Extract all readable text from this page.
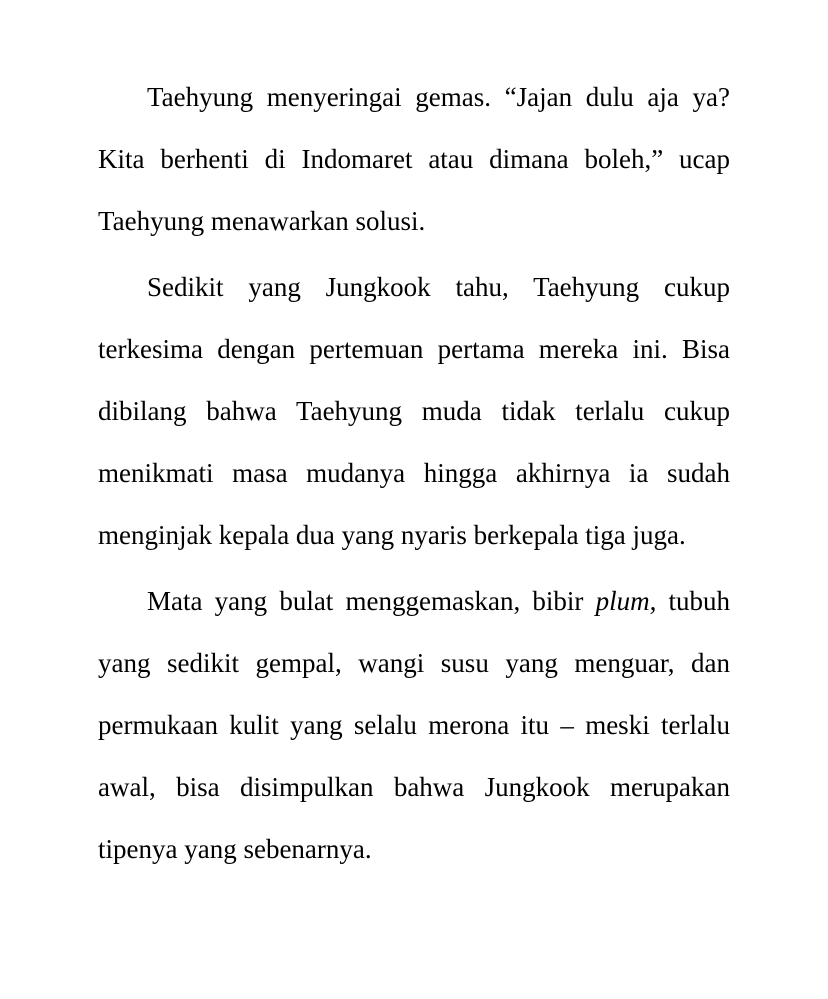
Taehyung menyeringai gemas. “Jajan dulu aja ya? Kita berhenti di Indomaret atau dimana boleh,” ucap Taehyung menawarkan solusi.

Sedikit yang Jungkook tahu, Taehyung cukup terkesima dengan pertemuan pertama mereka ini. Bisa dibilang bahwa Taehyung muda tidak terlalu cukup menikmati masa mudanya hingga akhirnya ia sudah menginjak kepala dua yang nyaris berkepala tiga juga.

Mata yang bulat menggemaskan, bibir plum, tubuh yang sedikit gempal, wangi susu yang menguar, dan permukaan kulit yang selalu merona itu – meski terlalu awal, bisa disimpulkan bahwa Jungkook merupakan tipenya yang sebenarnya.
